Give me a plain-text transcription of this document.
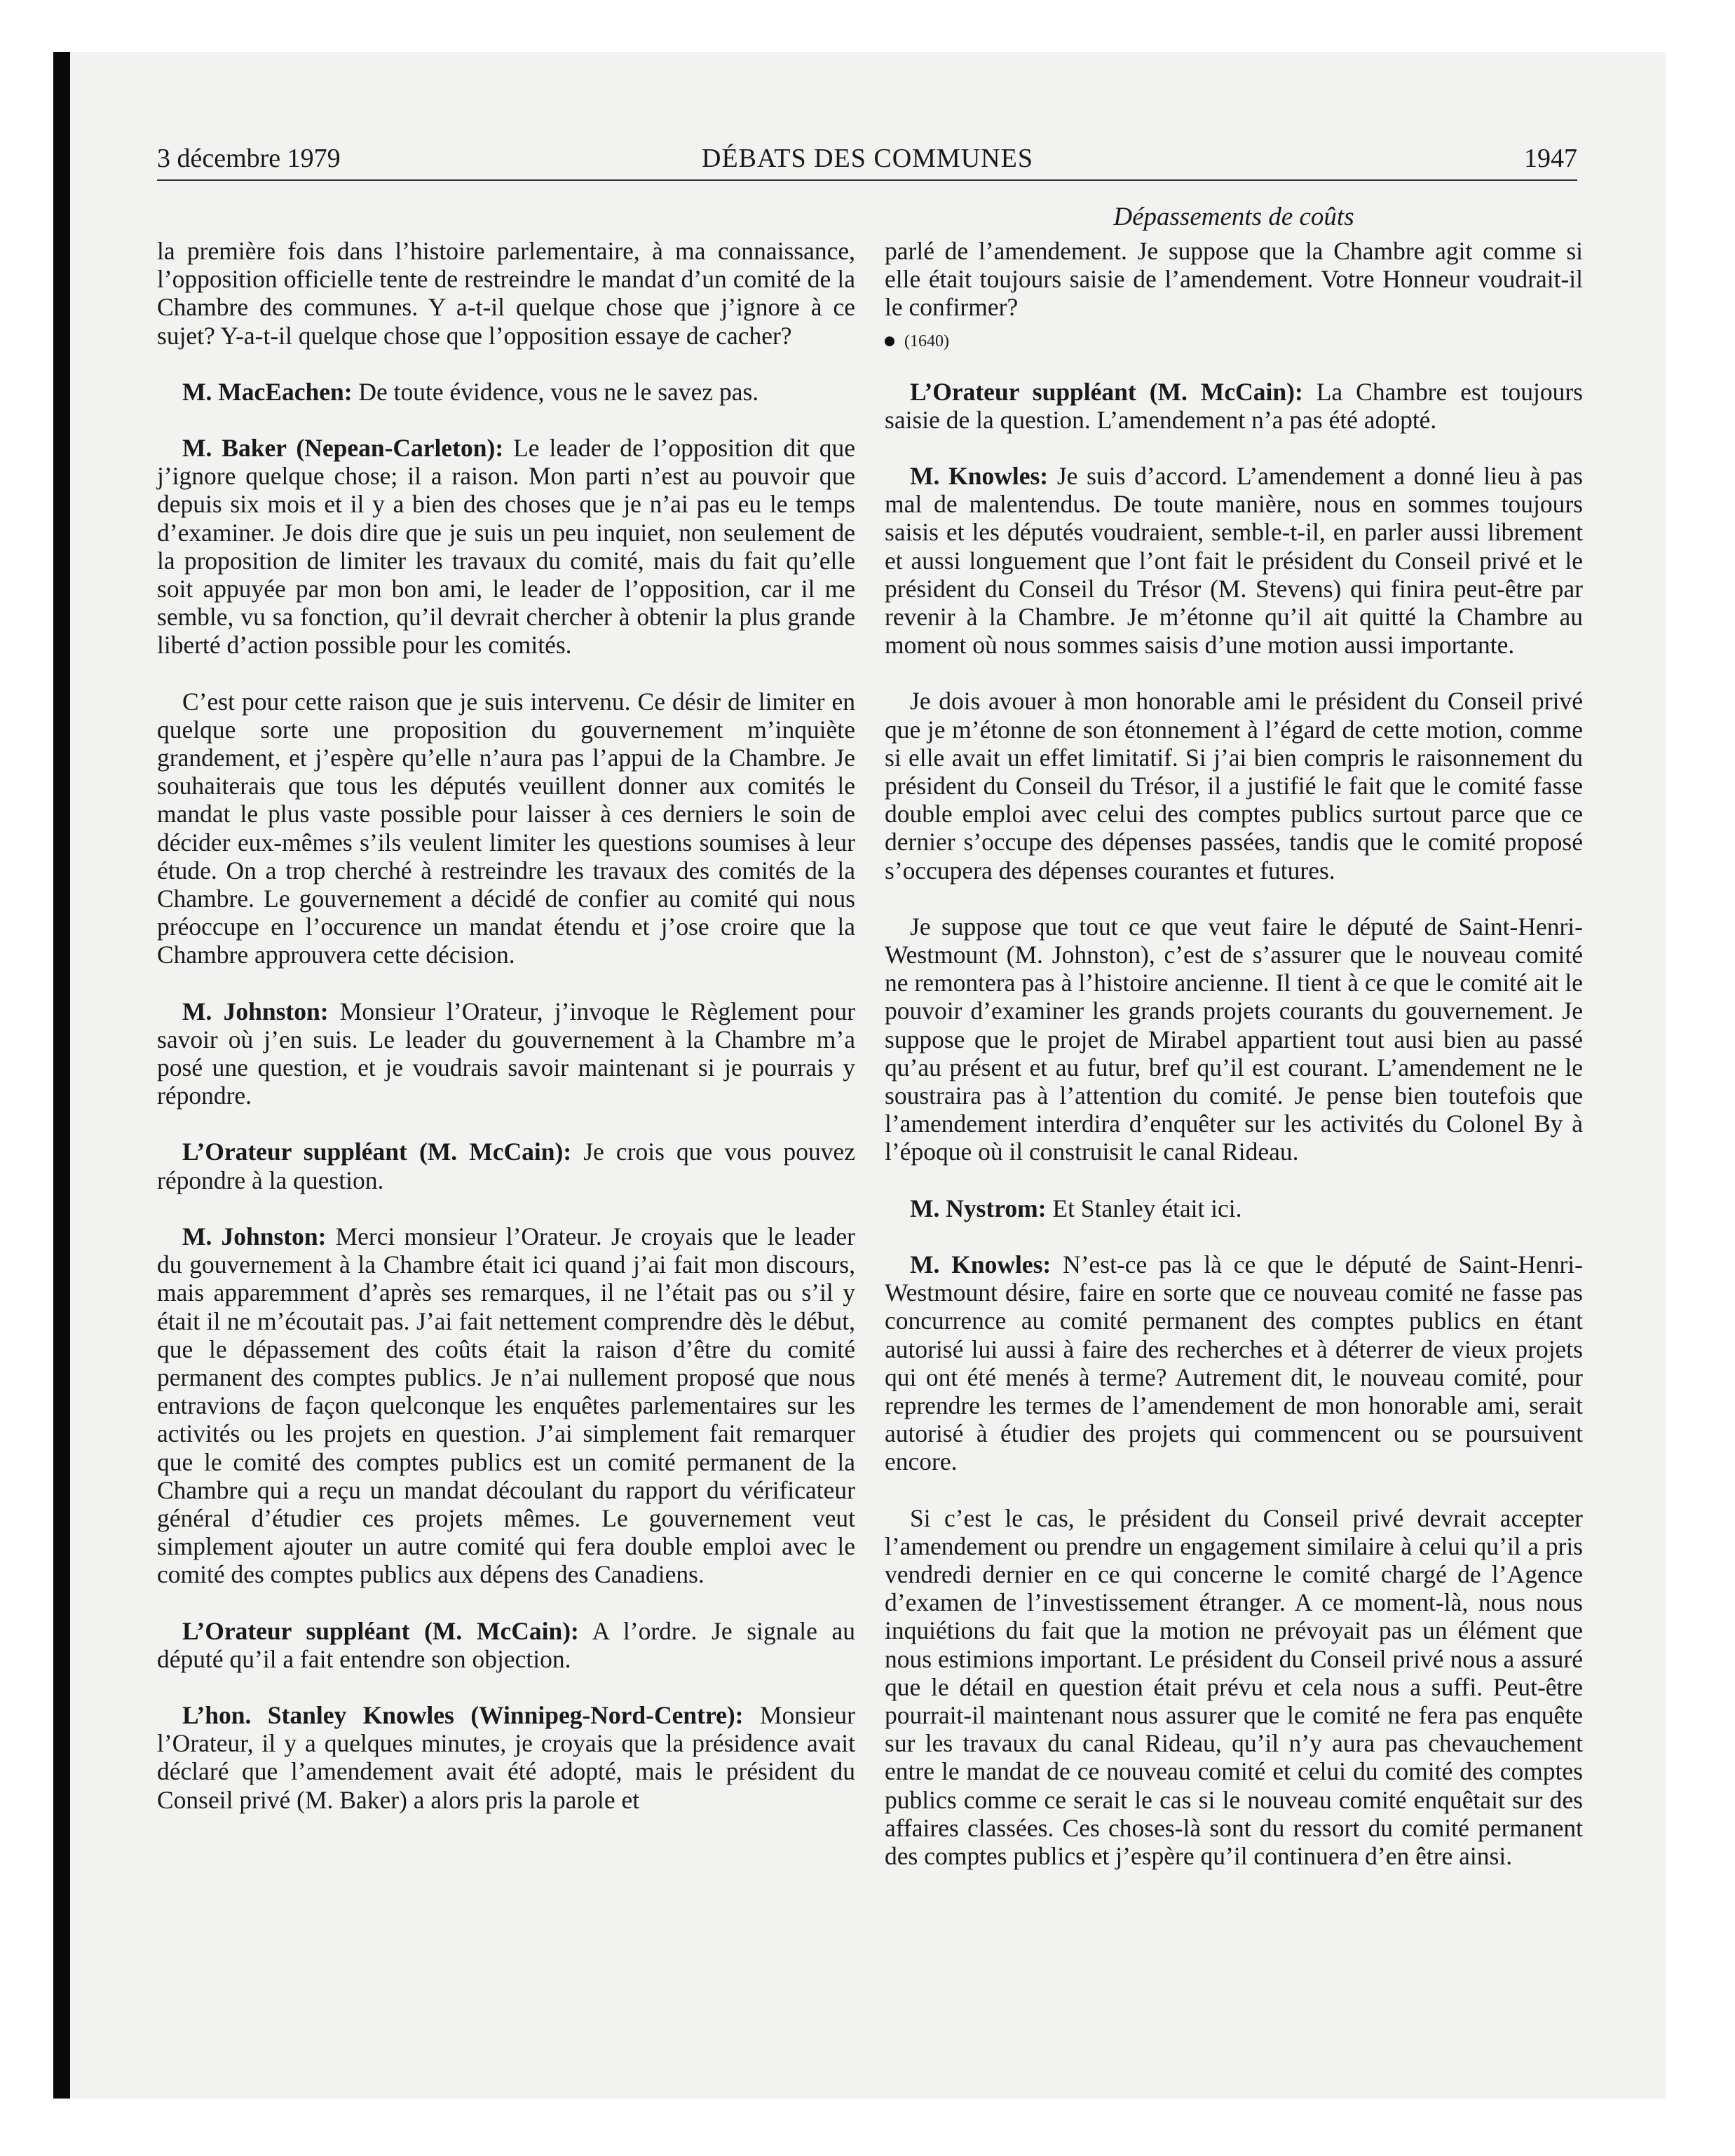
DÉBATS DES COMMUNES
3 décembre 1979	1947
Dépassements de coûts

la première fois dans l’histoire parlementaire, à ma connaissance, l’opposition officielle tente de restreindre le mandat d’un comité de la Chambre des communes. Y a-t-il quelque chose que j’ignore à ce sujet? Y-a-t-il quelque chose que l’opposition essaye de cacher?

M. MacEachen: De toute évidence, vous ne le savez pas.

M. Baker (Nepean-Carleton): Le leader de l’opposition dit que j’ignore quelque chose; il a raison. Mon parti n’est au pouvoir que depuis six mois et il y a bien des choses que je n’ai pas eu le temps d’examiner. Je dois dire que je suis un peu inquiet, non seulement de la proposition de limiter les travaux du comité, mais du fait qu’elle soit appuyée par mon bon ami, le leader de l’opposition, car il me semble, vu sa fonction, qu’il devrait chercher à obtenir la plus grande liberté d’action possible pour les comités.

C’est pour cette raison que je suis intervenu. Ce désir de limiter en quelque sorte une proposition du gouvernement m’inquiète grandement, et j’espère qu’elle n’aura pas l’appui de la Chambre. Je souhaiterais que tous les députés veuillent donner aux comités le mandat le plus vaste possible pour laisser à ces derniers le soin de décider eux-mêmes s’ils veulent limiter les questions soumises à leur étude. On a trop cherché à restreindre les travaux des comités de la Chambre. Le gouvernement a décidé de confier au comité qui nous préoccupe en l’occurence un mandat étendu et j’ose croire que la Chambre approuvera cette décision.

M. Johnston: Monsieur l’Orateur, j’invoque le Règlement pour savoir où j’en suis. Le leader du gouvernement à la Chambre m’a posé une question, et je voudrais savoir maintenant si je pourrais y répondre.

L’Orateur suppléant (M. McCain): Je crois que vous pouvez répondre à la question.

M. Johnston: Merci monsieur l’Orateur. Je croyais que le leader du gouvernement à la Chambre était ici quand j’ai fait mon discours, mais apparemment d’après ses remarques, il ne l’était pas ou s’il y était il ne m’écoutait pas. J’ai fait nettement comprendre dès le début, que le dépassement des coûts était la raison d’être du comité permanent des comptes publics. Je n’ai nullement proposé que nous entravions de façon quelconque les enquêtes parlementaires sur les activités ou les projets en question. J’ai simplement fait remarquer que le comité des comptes publics est un comité permanent de la Chambre qui a reçu un mandat découlant du rapport du vérificateur général d’étudier ces projets mêmes. Le gouvernement veut simplement ajouter un autre comité qui fera double emploi avec le comité des comptes publics aux dépens des Canadiens.

L’Orateur suppléant (M. McCain): A l’ordre. Je signale au député qu’il a fait entendre son objection.

L’hon. Stanley Knowles (Winnipeg-Nord-Centre): Monsieur l’Orateur, il y a quelques minutes, je croyais que la présidence avait déclaré que l’amendement avait été adopté, mais le président du Conseil privé (M. Baker) a alors pris la parole et

parlé de l’amendement. Je suppose que la Chambre agit comme si elle était toujours saisie de l’amendement. Votre Honneur voudrait-il le confirmer?

(1640)

L’Orateur suppléant (M. McCain): La Chambre est toujours saisie de la question. L’amendement n’a pas été adopté.

M. Knowles: Je suis d’accord. L’amendement a donné lieu à pas mal de malentendus. De toute manière, nous en sommes toujours saisis et les députés voudraient, semble-t-il, en parler aussi librement et aussi longuement que l’ont fait le président du Conseil privé et le président du Conseil du Trésor (M. Stevens) qui finira peut-être par revenir à la Chambre. Je m’étonne qu’il ait quitté la Chambre au moment où nous sommes saisis d’une motion aussi importante.

Je dois avouer à mon honorable ami le président du Conseil privé que je m’étonne de son étonnement à l’égard de cette motion, comme si elle avait un effet limitatif. Si j’ai bien compris le raisonnement du président du Conseil du Trésor, il a justifié le fait que le comité fasse double emploi avec celui des comptes publics surtout parce que ce dernier s’occupe des dépenses passées, tandis que le comité proposé s’occupera des dépenses courantes et futures.

Je suppose que tout ce que veut faire le député de Saint-Henri-Westmount (M. Johnston), c’est de s’assurer que le nouveau comité ne remontera pas à l’histoire ancienne. Il tient à ce que le comité ait le pouvoir d’examiner les grands projets courants du gouvernement. Je suppose que le projet de Mirabel appartient tout ausi bien au passé qu’au présent et au futur, bref qu’il est courant. L’amendement ne le soustraira pas à l’attention du comité. Je pense bien toutefois que l’amendement interdira d’enquêter sur les activités du Colonel By à l’époque où il construisit le canal Rideau.

M. Nystrom: Et Stanley était ici.

M. Knowles: N’est-ce pas là ce que le député de Saint-Henri-Westmount désire, faire en sorte que ce nouveau comité ne fasse pas concurrence au comité permanent des comptes publics en étant autorisé lui aussi à faire des recherches et à déterrer de vieux projets qui ont été menés à terme? Autrement dit, le nouveau comité, pour reprendre les termes de l’amendement de mon honorable ami, serait autorisé à étudier des projets qui commencent ou se poursuivent encore.

Si c’est le cas, le président du Conseil privé devrait accepter l’amendement ou prendre un engagement similaire à celui qu’il a pris vendredi dernier en ce qui concerne le comité chargé de l’Agence d’examen de l’investissement étranger. A ce moment-là, nous nous inquiétions du fait que la motion ne prévoyait pas un élément que nous estimions important. Le président du Conseil privé nous a assuré que le détail en question était prévu et cela nous a suffi. Peut-être pourrait-il maintenant nous assurer que le comité ne fera pas enquête sur les travaux du canal Rideau, qu’il n’y aura pas chevauchement entre le mandat de ce nouveau comité et celui du comité des comptes publics comme ce serait le cas si le nouveau comité enquêtait sur des affaires classées. Ces choses-là sont du ressort du comité permanent des comptes publics et j’espère qu’il continuera d’en être ainsi.
